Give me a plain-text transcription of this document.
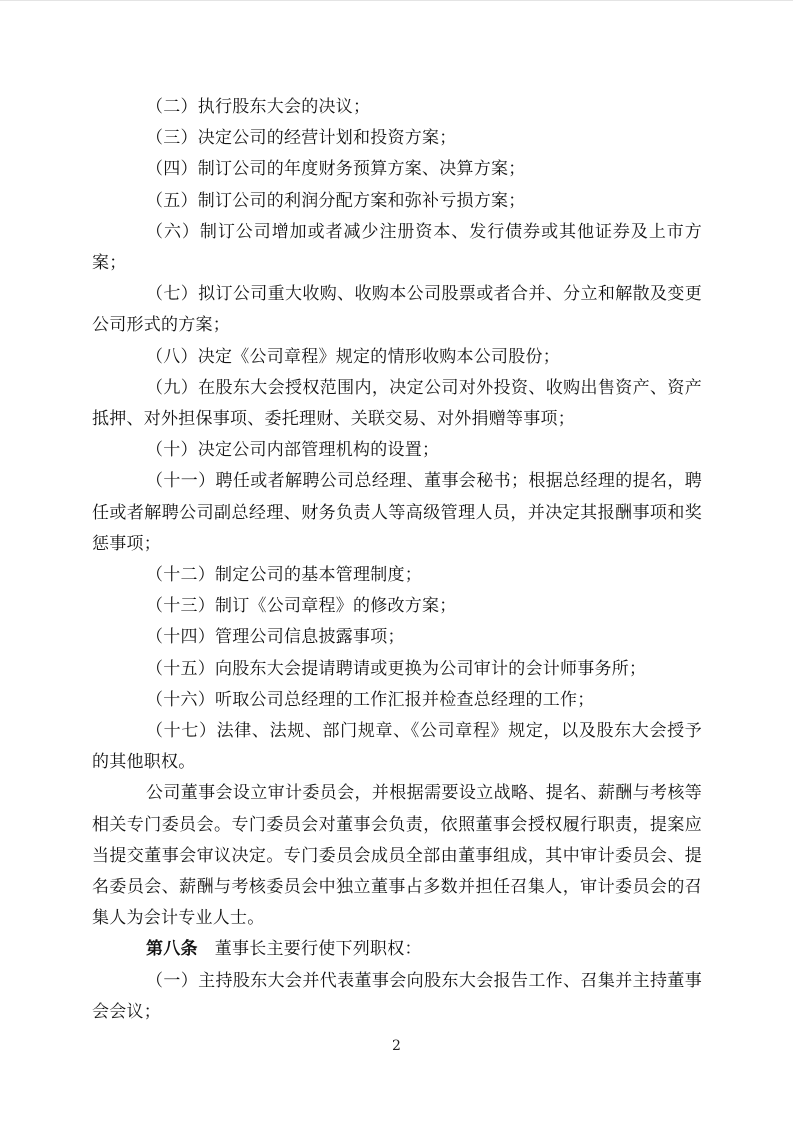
（二）执行股东大会的决议；

（三）决定公司的经营计划和投资方案；

（四）制订公司的年度财务预算方案、决算方案；

（五）制订公司的利润分配方案和弥补亏损方案；

（六）制订公司增加或者减少注册资本、发行债券或其他证券及上市方案；

（七）拟订公司重大收购、收购本公司股票或者合并、分立和解散及变更公司形式的方案；

（八）决定《公司章程》规定的情形收购本公司股份；

（九）在股东大会授权范围内，决定公司对外投资、收购出售资产、资产抵押、对外担保事项、委托理财、关联交易、对外捐赠等事项；

（十）决定公司内部管理机构的设置；

（十一）聘任或者解聘公司总经理、董事会秘书；根据总经理的提名，聘任或者解聘公司副总经理、财务负责人等高级管理人员，并决定其报酬事项和奖惩事项；

（十二）制定公司的基本管理制度；

（十三）制订《公司章程》的修改方案；

（十四）管理公司信息披露事项；

（十五）向股东大会提请聘请或更换为公司审计的会计师事务所；

（十六）听取公司总经理的工作汇报并检查总经理的工作；

（十七）法律、法规、部门规章、《公司章程》规定，以及股东大会授予的其他职权。

公司董事会设立审计委员会，并根据需要设立战略、提名、薪酬与考核等相关专门委员会。专门委员会对董事会负责，依照董事会授权履行职责，提案应当提交董事会审议决定。专门委员会成员全部由董事组成，其中审计委员会、提名委员会、薪酬与考核委员会中独立董事占多数并担任召集人，审计委员会的召集人为会计专业人士。

第八条 董事长主要行使下列职权：

（一）主持股东大会并代表董事会向股东大会报告工作、召集并主持董事会会议；

2
